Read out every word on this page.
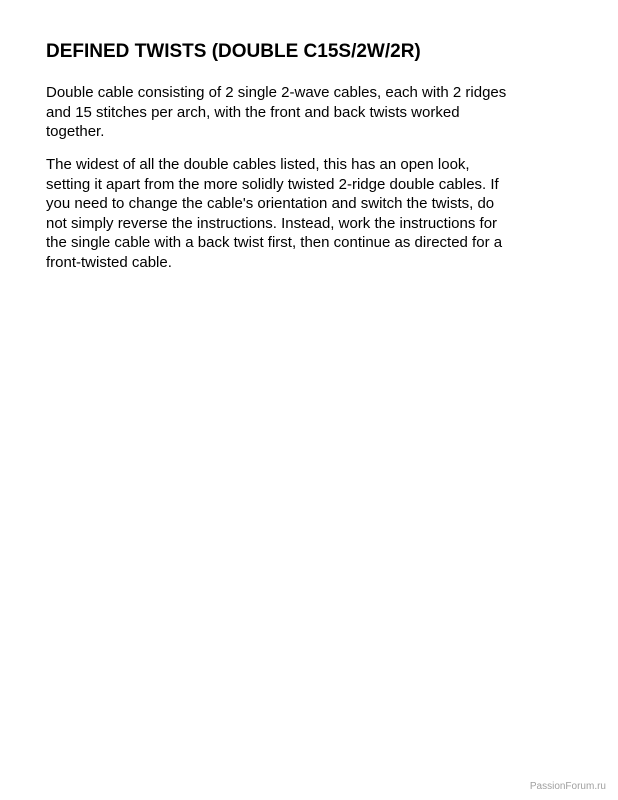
DEFINED TWISTS (DOUBLE C15S/2W/2R)

Double cable consisting of 2 single 2-wave cables, each with 2 ridges
and 15 stitches per arch, with the front and back twists worked
together.

The widest of all the double cables listed, this has an open look,
setting it apart from the more solidly twisted 2-ridge double cables. If
you need to change the cable's orientation and switch the twists, do
not simply reverse the instructions. Instead, work the instructions for
the single cable with a back twist first, then continue as directed for a
front-twisted cable.

PassionForum.ru
